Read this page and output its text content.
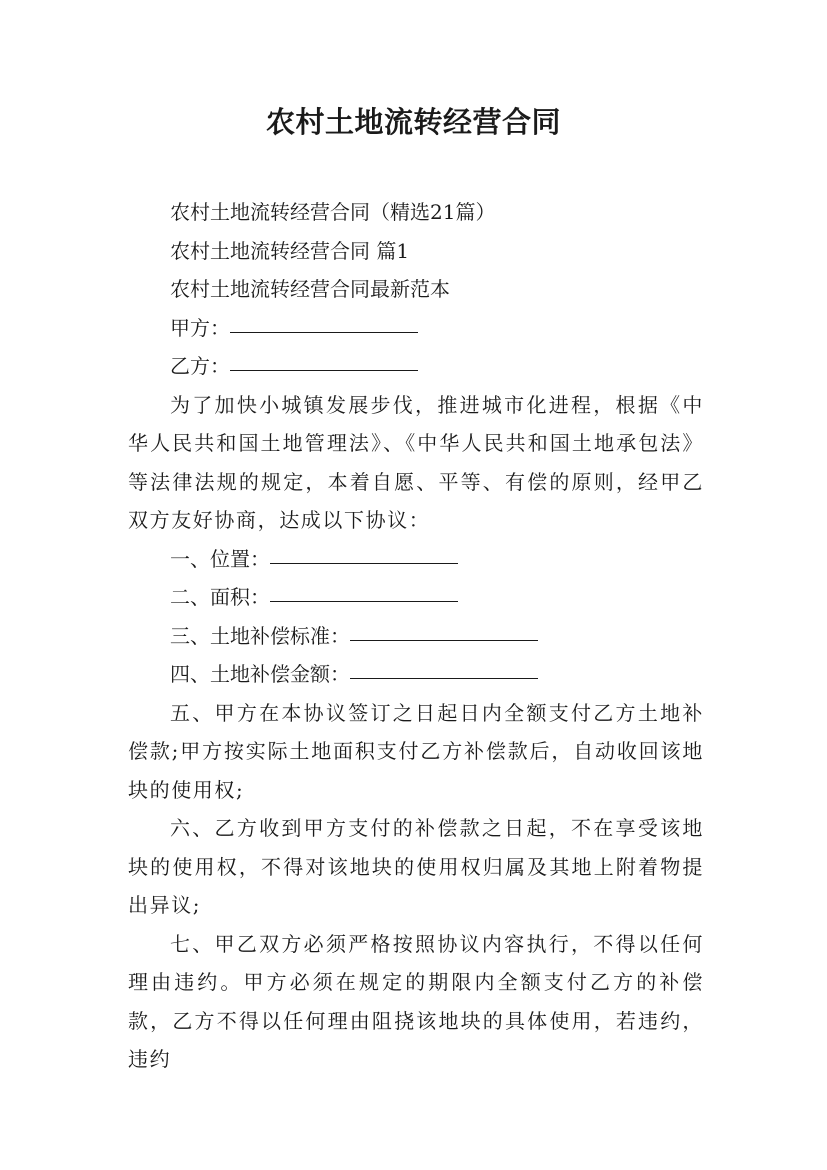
农村土地流转经营合同
农村土地流转经营合同（精选21篇）
农村土地流转经营合同 篇1
农村土地流转经营合同最新范本
甲方：
乙方：
为了加快小城镇发展步伐，推进城市化进程，根据《中华人民共和国土地管理法》、《中华人民共和国土地承包法》等法律法规的规定，本着自愿、平等、有偿的原则，经甲乙双方友好协商，达成以下协议：
一、位置：
二、面积：
三、土地补偿标准：
四、土地补偿金额：
五、甲方在本协议签订之日起日内全额支付乙方土地补偿款;甲方按实际土地面积支付乙方补偿款后，自动收回该地块的使用权;
六、乙方收到甲方支付的补偿款之日起，不在享受该地块的使用权，不得对该地块的使用权归属及其地上附着物提出异议;
七、甲乙双方必须严格按照协议内容执行，不得以任何理由违约。甲方必须在规定的期限内全额支付乙方的补偿款，乙方不得以任何理由阻挠该地块的具体使用，若违约，违约
